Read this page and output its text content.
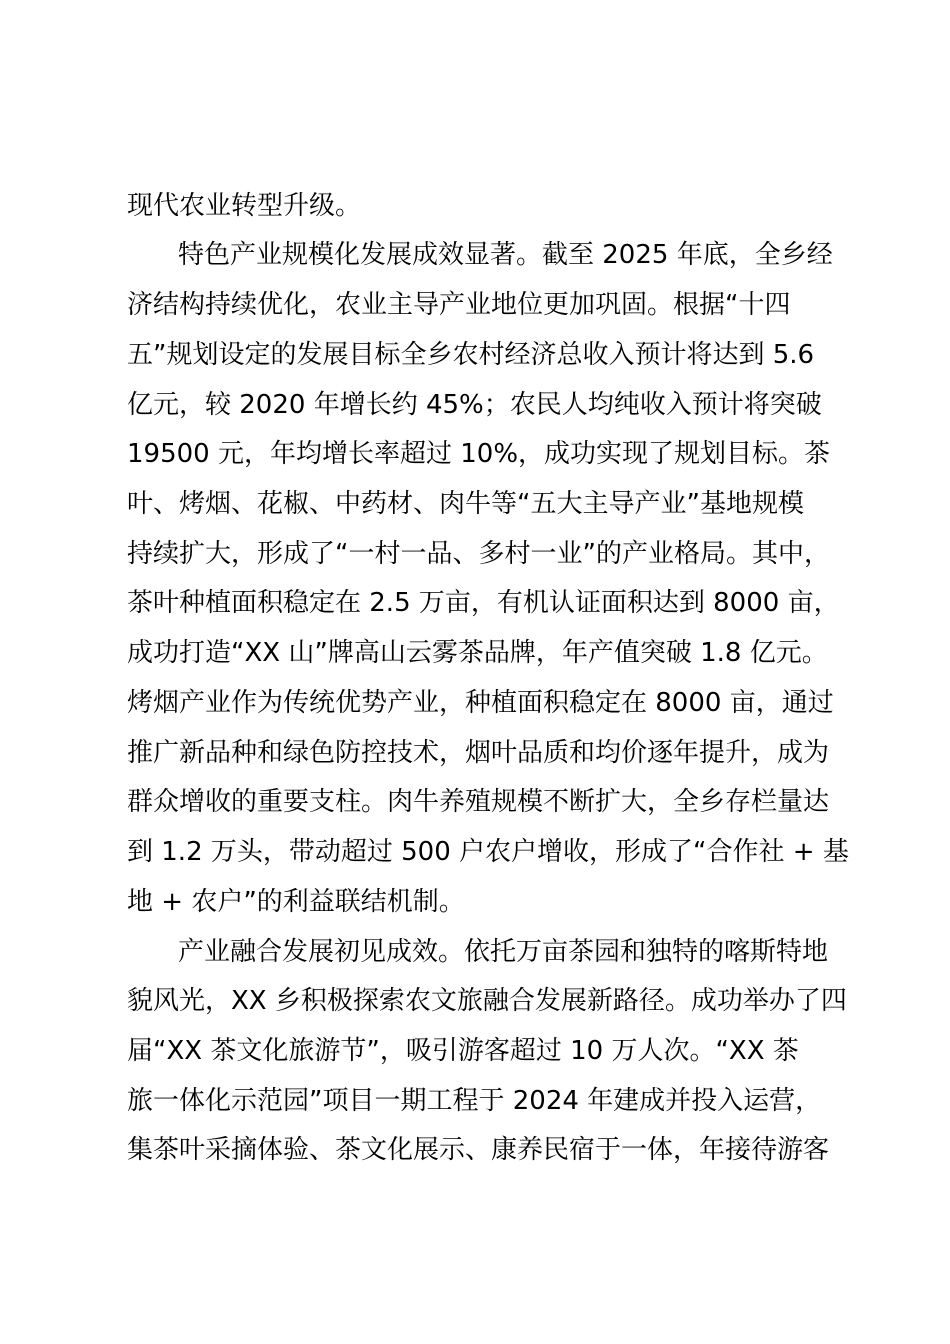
现代农业转型升级。
特色产业规模化发展成效显著。截至 2025 年底，全乡经
济结构持续优化，农业主导产业地位更加巩固。根据“十四
五”规划设定的发展目标全乡农村经济总收入预计将达到 5.6
亿元，较 2020 年增长约 45%；农民人均纯收入预计将突破
19500 元，年均增长率超过 10%，成功实现了规划目标。茶
叶、烤烟、花椒、中药材、肉牛等“五大主导产业”基地规模
持续扩大，形成了“一村一品、多村一业”的产业格局。其中，
茶叶种植面积稳定在 2.5 万亩，有机认证面积达到 8000 亩，
成功打造“XX 山”牌高山云雾茶品牌，年产值突破 1.8 亿元。
烤烟产业作为传统优势产业，种植面积稳定在 8000 亩，通过
推广新品种和绿色防控技术，烟叶品质和均价逐年提升，成为
群众增收的重要支柱。肉牛养殖规模不断扩大，全乡存栏量达
到 1.2 万头，带动超过 500 户农户增收，形成了“合作社 + 基
地 + 农户”的利益联结机制。
产业融合发展初见成效。依托万亩茶园和独特的喀斯特地
貌风光，XX 乡积极探索农文旅融合发展新路径。成功举办了四
届“XX 茶文化旅游节”，吸引游客超过 10 万人次。“XX 茶
旅一体化示范园”项目一期工程于 2024 年建成并投入运营，
集茶叶采摘体验、茶文化展示、康养民宿于一体，年接待游客
